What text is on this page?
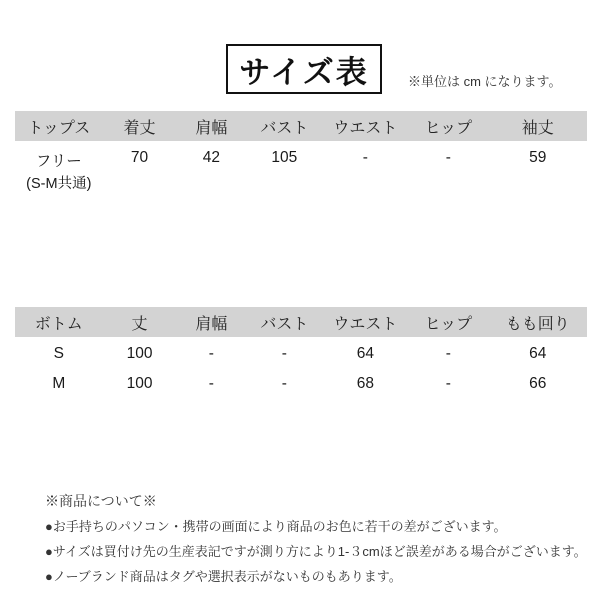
サイズ表	※単位は cm になります。
トップス	着丈	肩幅	バスト	ウエスト	ヒップ	袖丈

フリー
(S-M共通)	70	42	105	-	-	59
ボトム	丈	肩幅	バスト	ウエスト	ヒップ	もも回り
S	100	-	-	64	-	64
M	100	-	-	68	-	66
※商品について※
●お手持ちのパソコン・携帯の画面により商品のお色に若干の差がございます。
●サイズは買付け先の生産表記ですが測り方により1-３cmほど誤差がある場合がございます。
●ノーブランド商品はタグや選択表示がないものもあります。
